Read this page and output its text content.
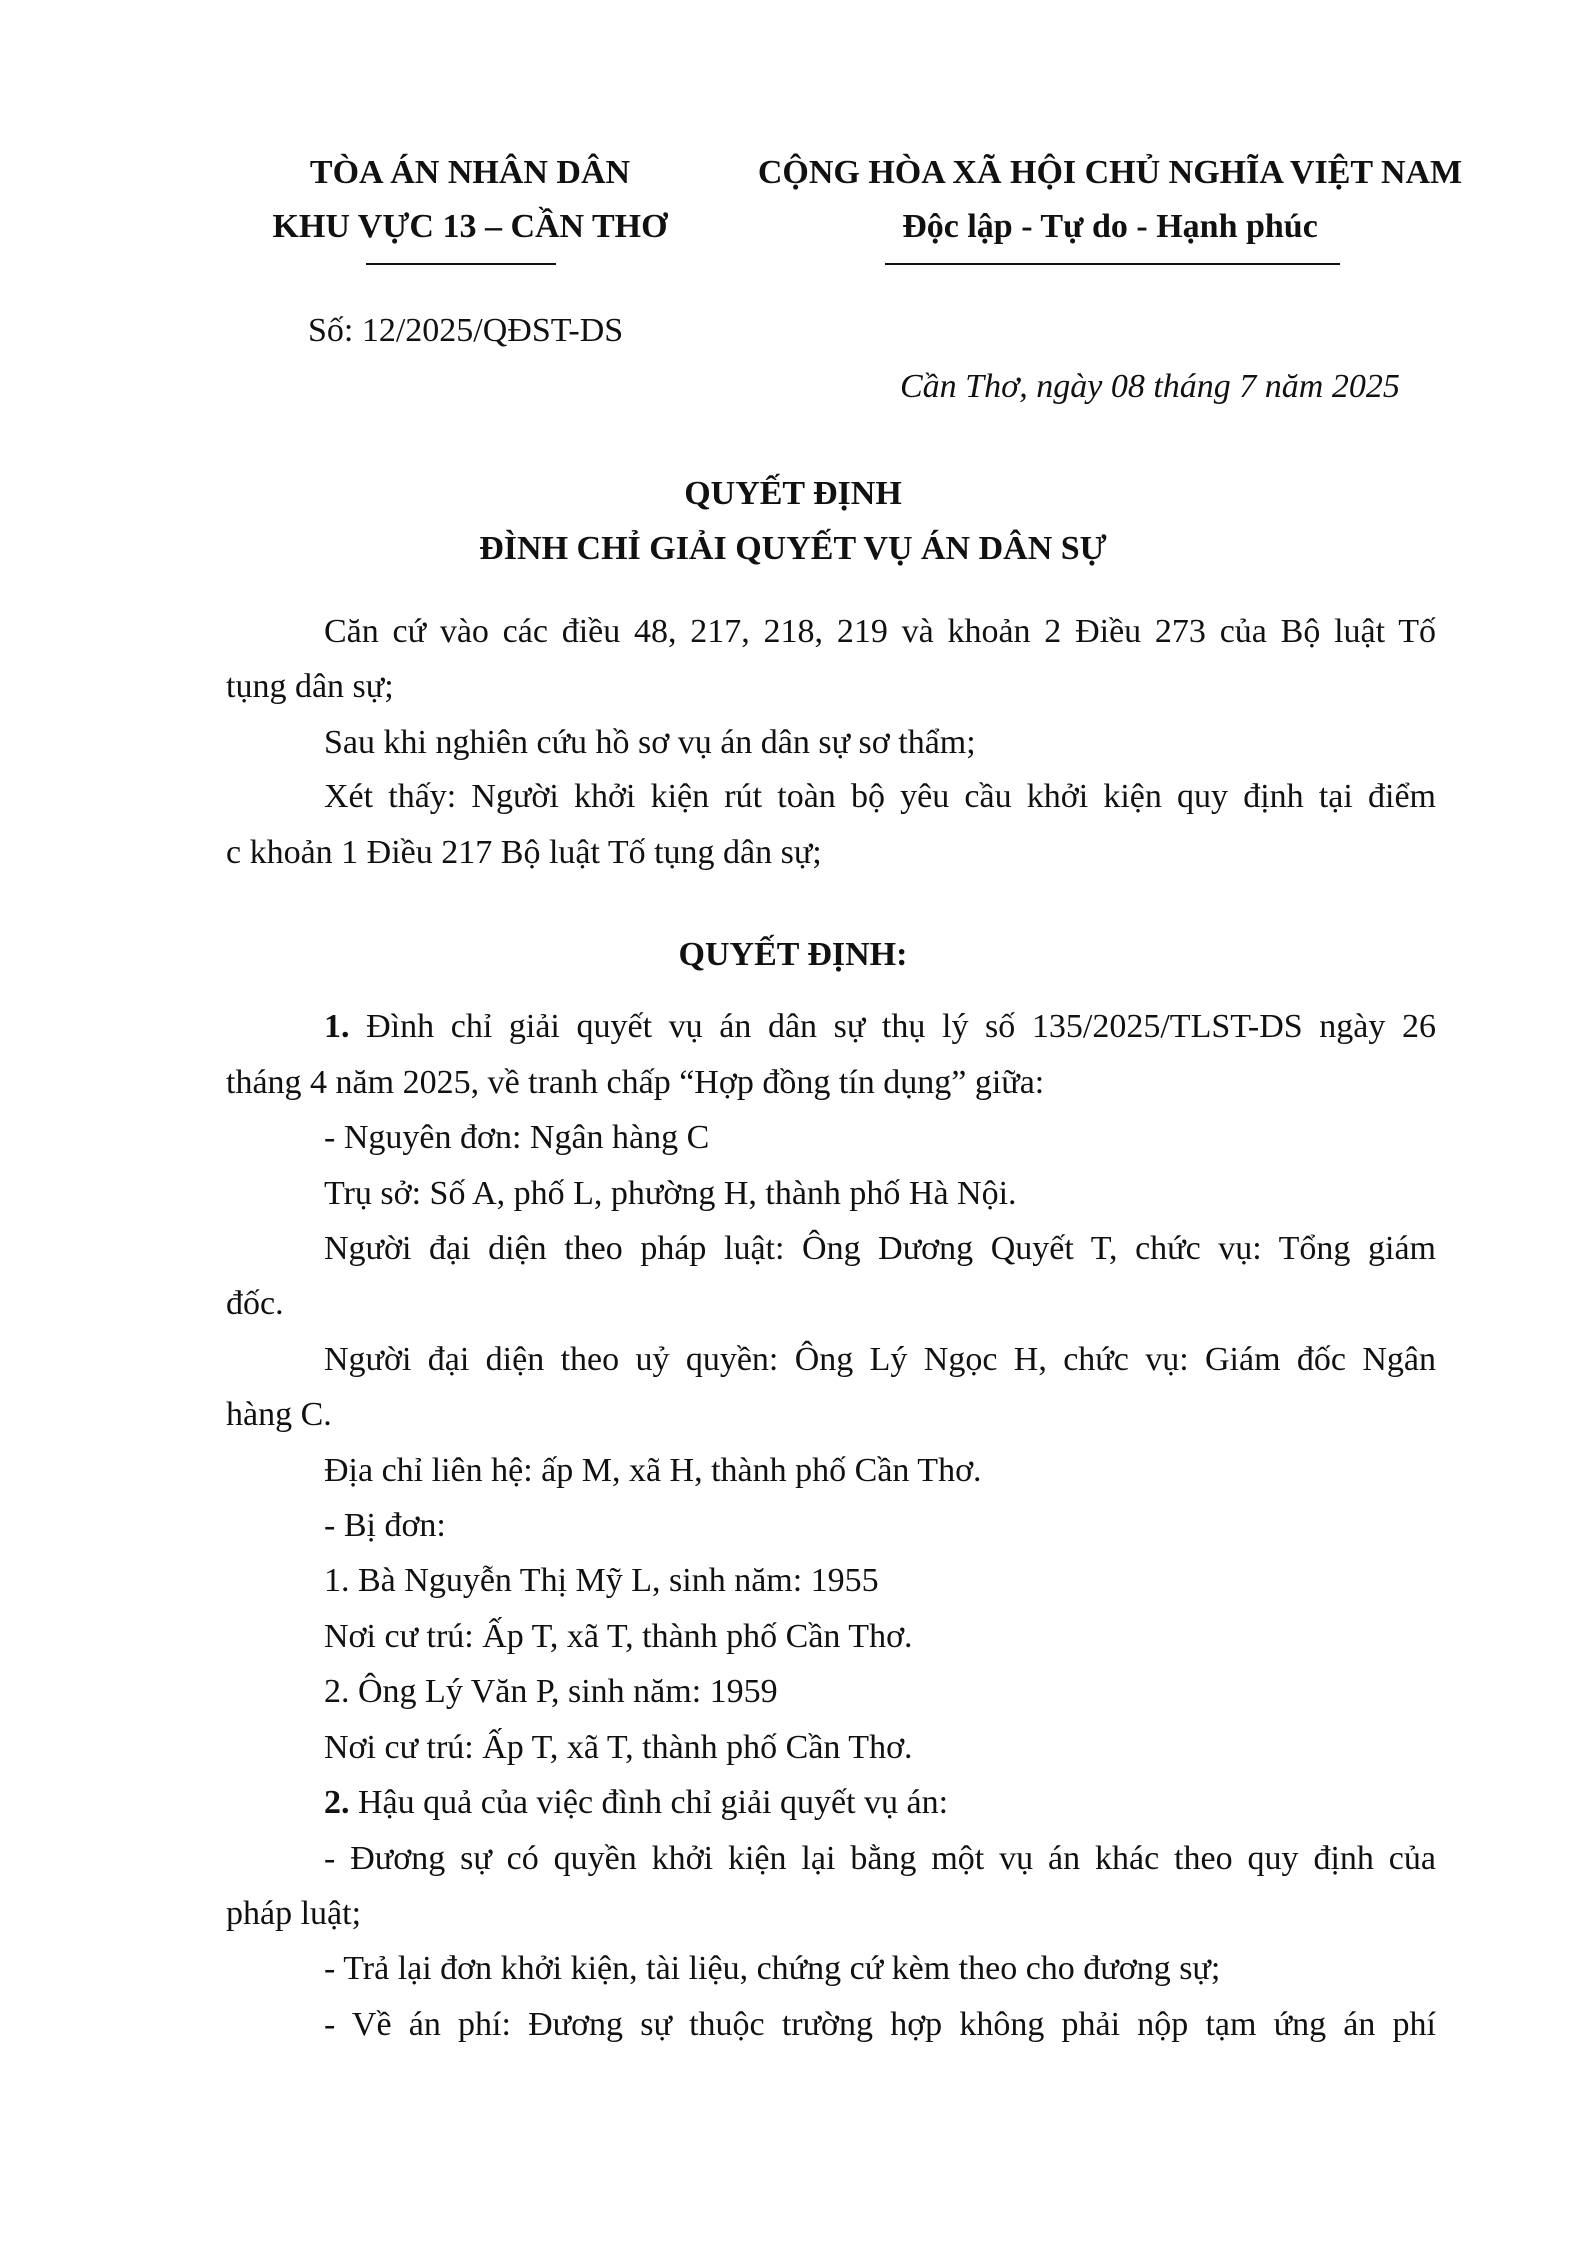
TÒA ÁN NHÂN DÂN
KHU VỰC 13 – CẦN THƠ
CỘNG HÒA XÃ HỘI CHỦ NGHĨA VIỆT NAM
Độc lập - Tự do - Hạnh phúc
Số: 12/2025/QĐST-DS
Cần Thơ, ngày 08 tháng 7 năm 2025
QUYẾT ĐỊNH
ĐÌNH CHỈ GIẢI QUYẾT VỤ ÁN DÂN SỰ
Căn cứ vào các điều 48, 217, 218, 219 và khoản 2 Điều 273 của Bộ luật Tố
tụng dân sự;
Sau khi nghiên cứu hồ sơ vụ án dân sự sơ thẩm;
Xét thấy: Người khởi kiện rút toàn bộ yêu cầu khởi kiện quy định tại điểm
c khoản 1 Điều 217 Bộ luật Tố tụng dân sự;
QUYẾT ĐỊNH:
1. Đình chỉ giải quyết vụ án dân sự thụ lý số 135/2025/TLST-DS ngày 26
tháng 4 năm 2025, về tranh chấp “Hợp đồng tín dụng” giữa:
- Nguyên đơn: Ngân hàng C
Trụ sở: Số A, phố L, phường H, thành phố Hà Nội.
Người đại diện theo pháp luật: Ông Dương Quyết T, chức vụ: Tổng giám
đốc.
Người đại diện theo uỷ quyền: Ông Lý Ngọc H, chức vụ: Giám đốc Ngân
hàng C.
Địa chỉ liên hệ: ấp M, xã H, thành phố Cần Thơ.
- Bị đơn:
1. Bà Nguyễn Thị Mỹ L, sinh năm: 1955
Nơi cư trú: Ấp T, xã T, thành phố Cần Thơ.
2. Ông Lý Văn P, sinh năm: 1959
Nơi cư trú: Ấp T, xã T, thành phố Cần Thơ.
2. Hậu quả của việc đình chỉ giải quyết vụ án:
- Đương sự có quyền khởi kiện lại bằng một vụ án khác theo quy định của
pháp luật;
- Trả lại đơn khởi kiện, tài liệu, chứng cứ kèm theo cho đương sự;
- Về án phí: Đương sự thuộc trường hợp không phải nộp tạm ứng án phí
